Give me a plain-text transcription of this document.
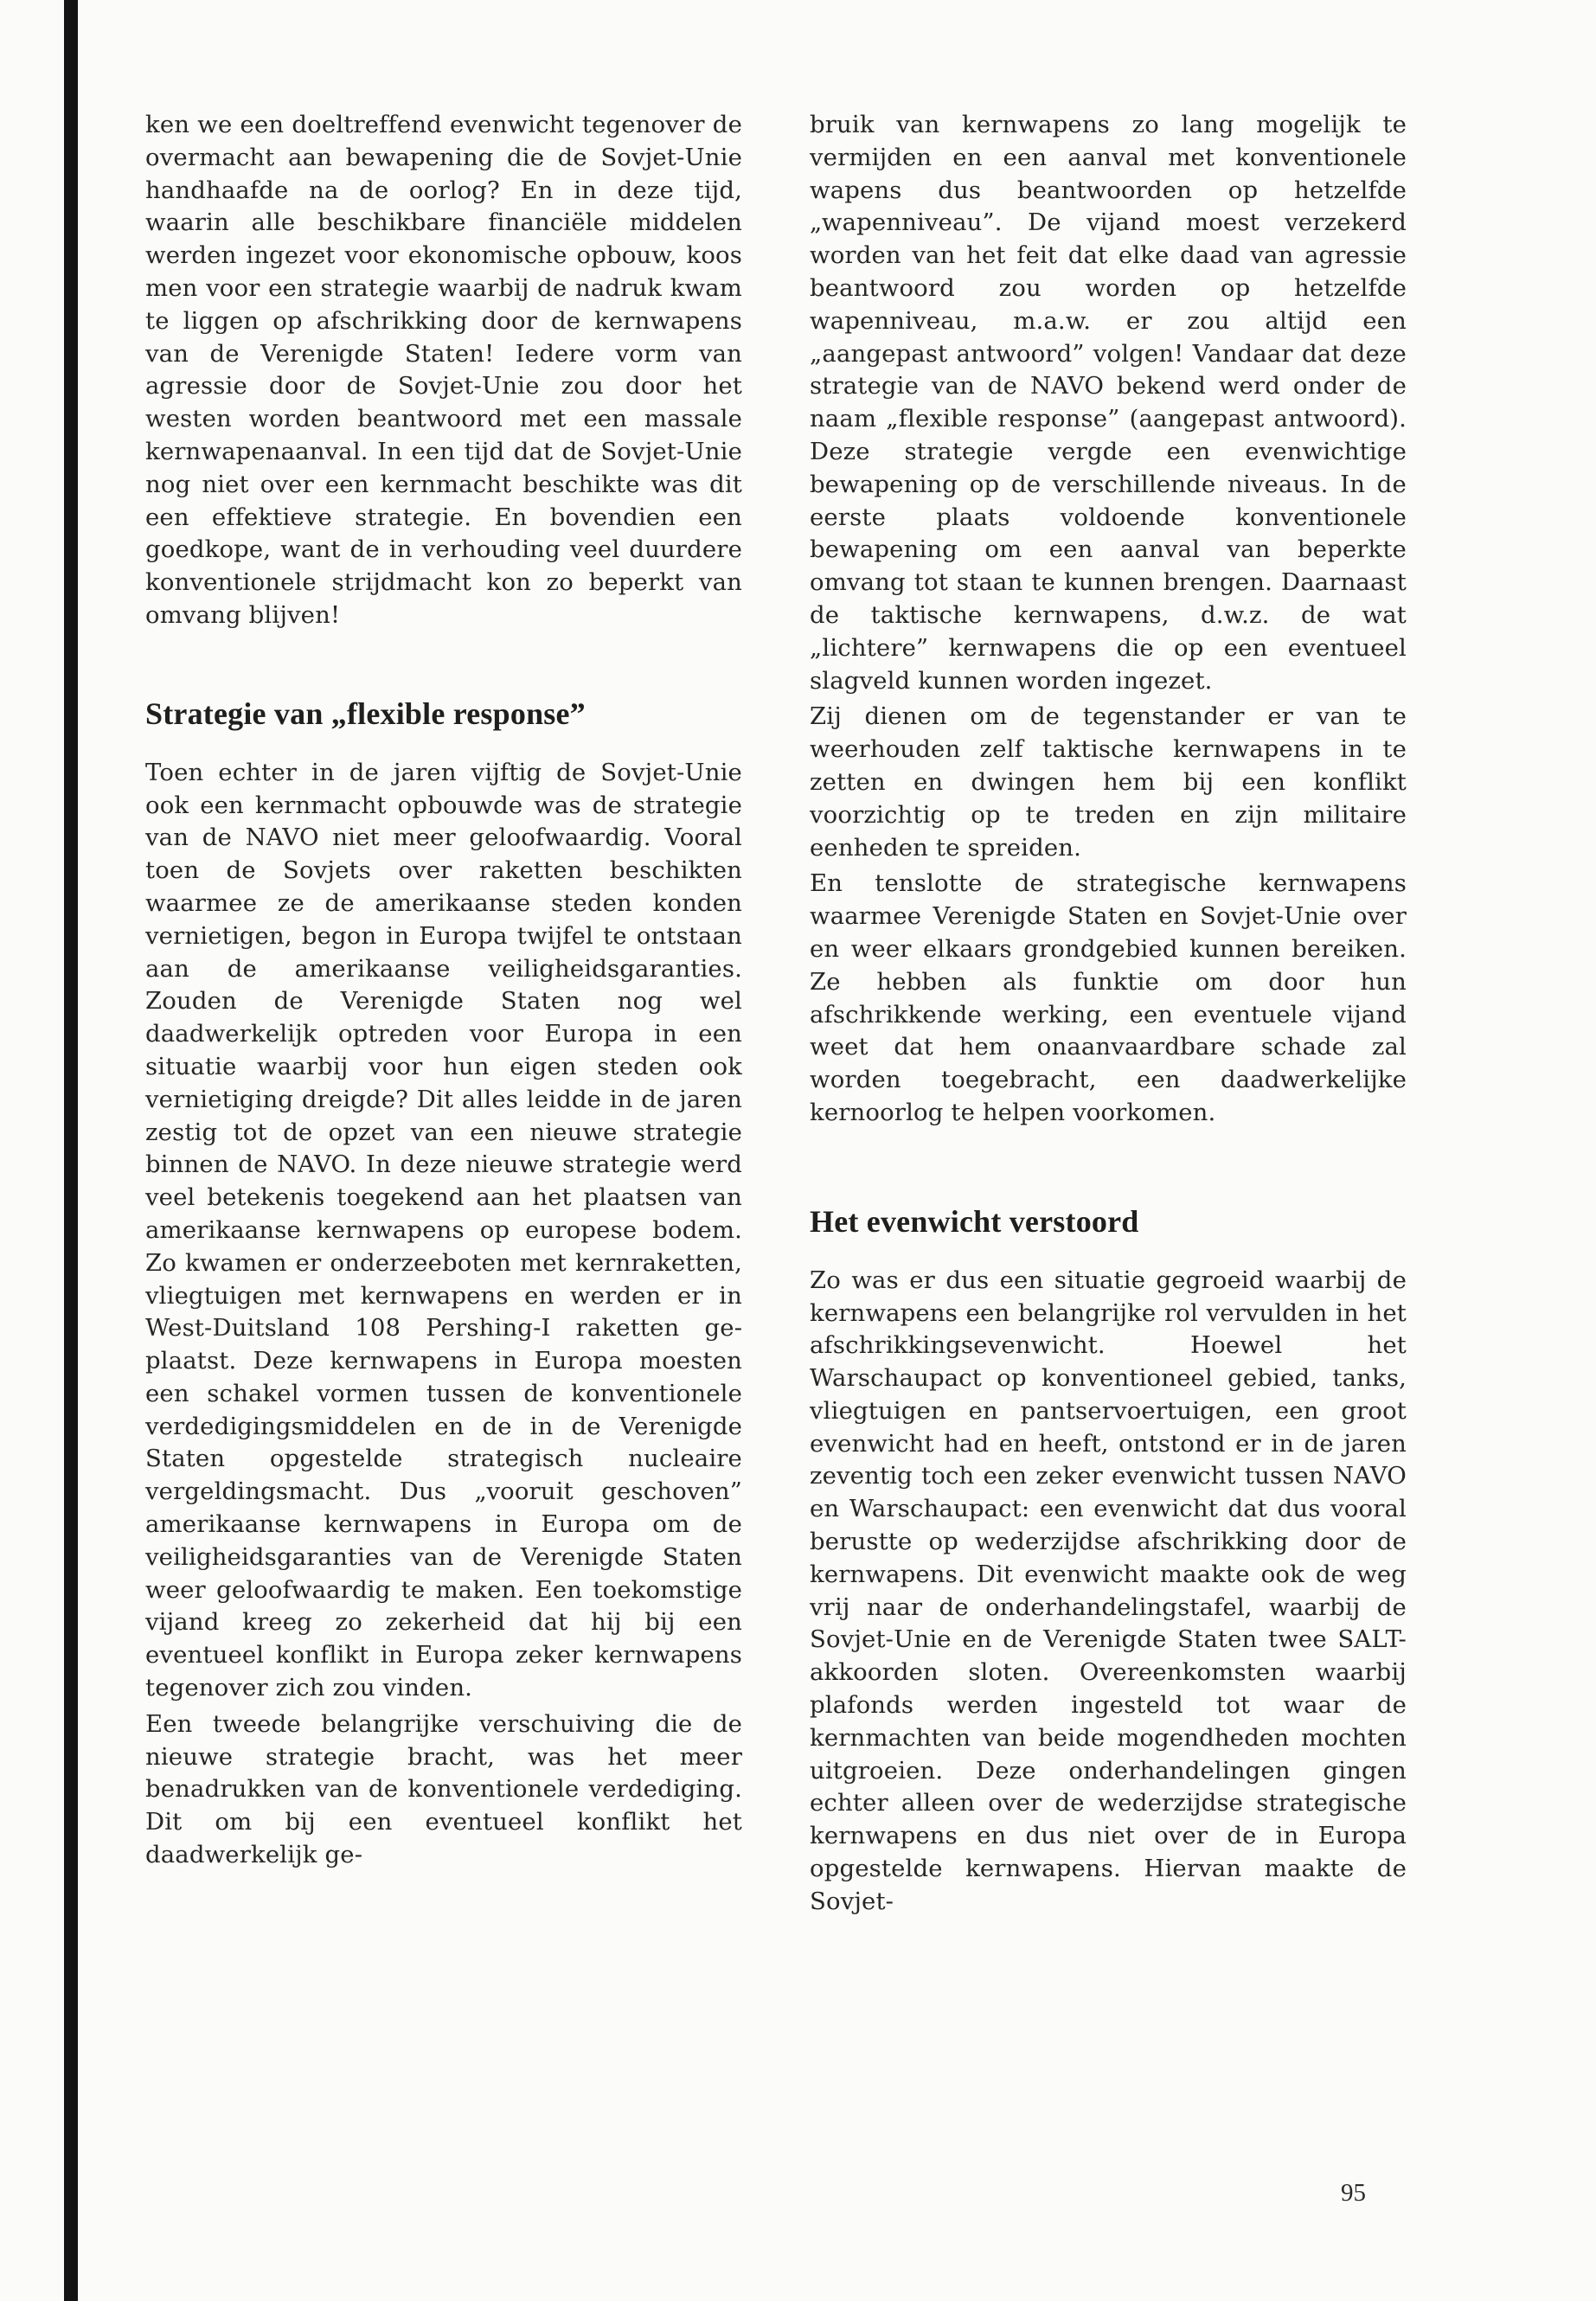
ken we een doeltreffend evenwicht tegenover de overmacht aan bewapening die de Sovjet-Unie handhaafde na de oorlog? En in deze tijd, waarin alle beschikbare financiële middelen werden ingezet voor ekonomische opbouw, koos men voor een strategie waarbij de nadruk kwam te liggen op afschrikking door de kernwapens van de Verenigde Staten! Iedere vorm van agressie door de Sovjet-Unie zou door het westen worden beantwoord met een massale kernwapenaanval. In een tijd dat de Sovjet-Unie nog niet over een kernmacht beschikte was dit een effektieve strategie. En bovendien een goedkope, want de in verhouding veel duurdere konventionele strijdmacht kon zo beperkt van omvang blijven!

Strategie van „flexible response”

Toen echter in de jaren vijftig de Sovjet-Unie ook een kernmacht opbouwde was de strategie van de NAVO niet meer geloofwaardig. Vooral toen de Sovjets over raketten beschikten waarmee ze de amerikaanse steden konden vernietigen, begon in Europa twijfel te ontstaan aan de amerikaanse veiligheidsgaranties. Zouden de Verenigde Staten nog wel daadwerkelijk optreden voor Europa in een situatie waarbij voor hun eigen steden ook vernietiging dreigde? Dit alles leidde in de jaren zestig tot de opzet van een nieuwe strategie binnen de NAVO. In deze nieuwe strategie werd veel betekenis toegekend aan het plaatsen van amerikaanse kernwapens op europese bodem. Zo kwamen er onderzeeboten met kernraketten, vliegtuigen met kernwapens en werden er in West-Duitsland 108 Pershing-I raketten geplaatst. Deze kernwapens in Europa moesten een schakel vormen tussen de konventionele verdedigingsmiddelen en de in de Verenigde Staten opgestelde strategisch nucleaire vergeldingsmacht. Dus „vooruit geschoven” amerikaanse kernwapens in Europa om de veiligheidsgaranties van de Verenigde Staten weer geloofwaardig te maken. Een toekomstige vijand kreeg zo zekerheid dat hij bij een eventueel konflikt in Europa zeker kernwapens tegenover zich zou vinden.

Een tweede belangrijke verschuiving die de nieuwe strategie bracht, was het meer benadrukken van de konventionele verdediging. Dit om bij een eventueel konflikt het daadwerkelijk ge-

bruik van kernwapens zo lang mogelijk te vermijden en een aanval met konventionele wapens dus beantwoorden op hetzelfde „wapenniveau”. De vijand moest verzekerd worden van het feit dat elke daad van agressie beantwoord zou worden op hetzelfde wapenniveau, m.a.w. er zou altijd een „aangepast antwoord” volgen! Vandaar dat deze strategie van de NAVO bekend werd onder de naam „flexible response” (aangepast antwoord). Deze strategie vergde een evenwichtige bewapening op de verschillende niveaus. In de eerste plaats voldoende konventionele bewapening om een aanval van beperkte omvang tot staan te kunnen brengen. Daarnaast de taktische kernwapens, d.w.z. de wat „lichtere” kernwapens die op een eventueel slagveld kunnen worden ingezet.

Zij dienen om de tegenstander er van te weerhouden zelf taktische kernwapens in te zetten en dwingen hem bij een konflikt voorzichtig op te treden en zijn militaire eenheden te spreiden.

En tenslotte de strategische kernwapens waarmee Verenigde Staten en Sovjet-Unie over en weer elkaars grondgebied kunnen bereiken. Ze hebben als funktie om door hun afschrikkende werking, een eventuele vijand weet dat hem onaanvaardbare schade zal worden toegebracht, een daadwerkelijke kernoorlog te helpen voorkomen.

Het evenwicht verstoord

Zo was er dus een situatie gegroeid waarbij de kernwapens een belangrijke rol vervulden in het afschrikkingsevenwicht. Hoewel het Warschaupact op konventioneel gebied, tanks, vliegtuigen en pantservoertuigen, een groot evenwicht had en heeft, ontstond er in de jaren zeventig toch een zeker evenwicht tussen NAVO en Warschaupact: een evenwicht dat dus vooral berustte op wederzijdse afschrikking door de kernwapens. Dit evenwicht maakte ook de weg vrij naar de onderhandelingstafel, waarbij de Sovjet-Unie en de Verenigde Staten twee SALT-akkoorden sloten. Overeenkomsten waarbij plafonds werden ingesteld tot waar de kernmachten van beide mogendheden mochten uitgroeien. Deze onderhandelingen gingen echter alleen over de wederzijdse strategische kernwapens en dus niet over de in Europa opgestelde kernwapens. Hiervan maakte de Sovjet-

95
